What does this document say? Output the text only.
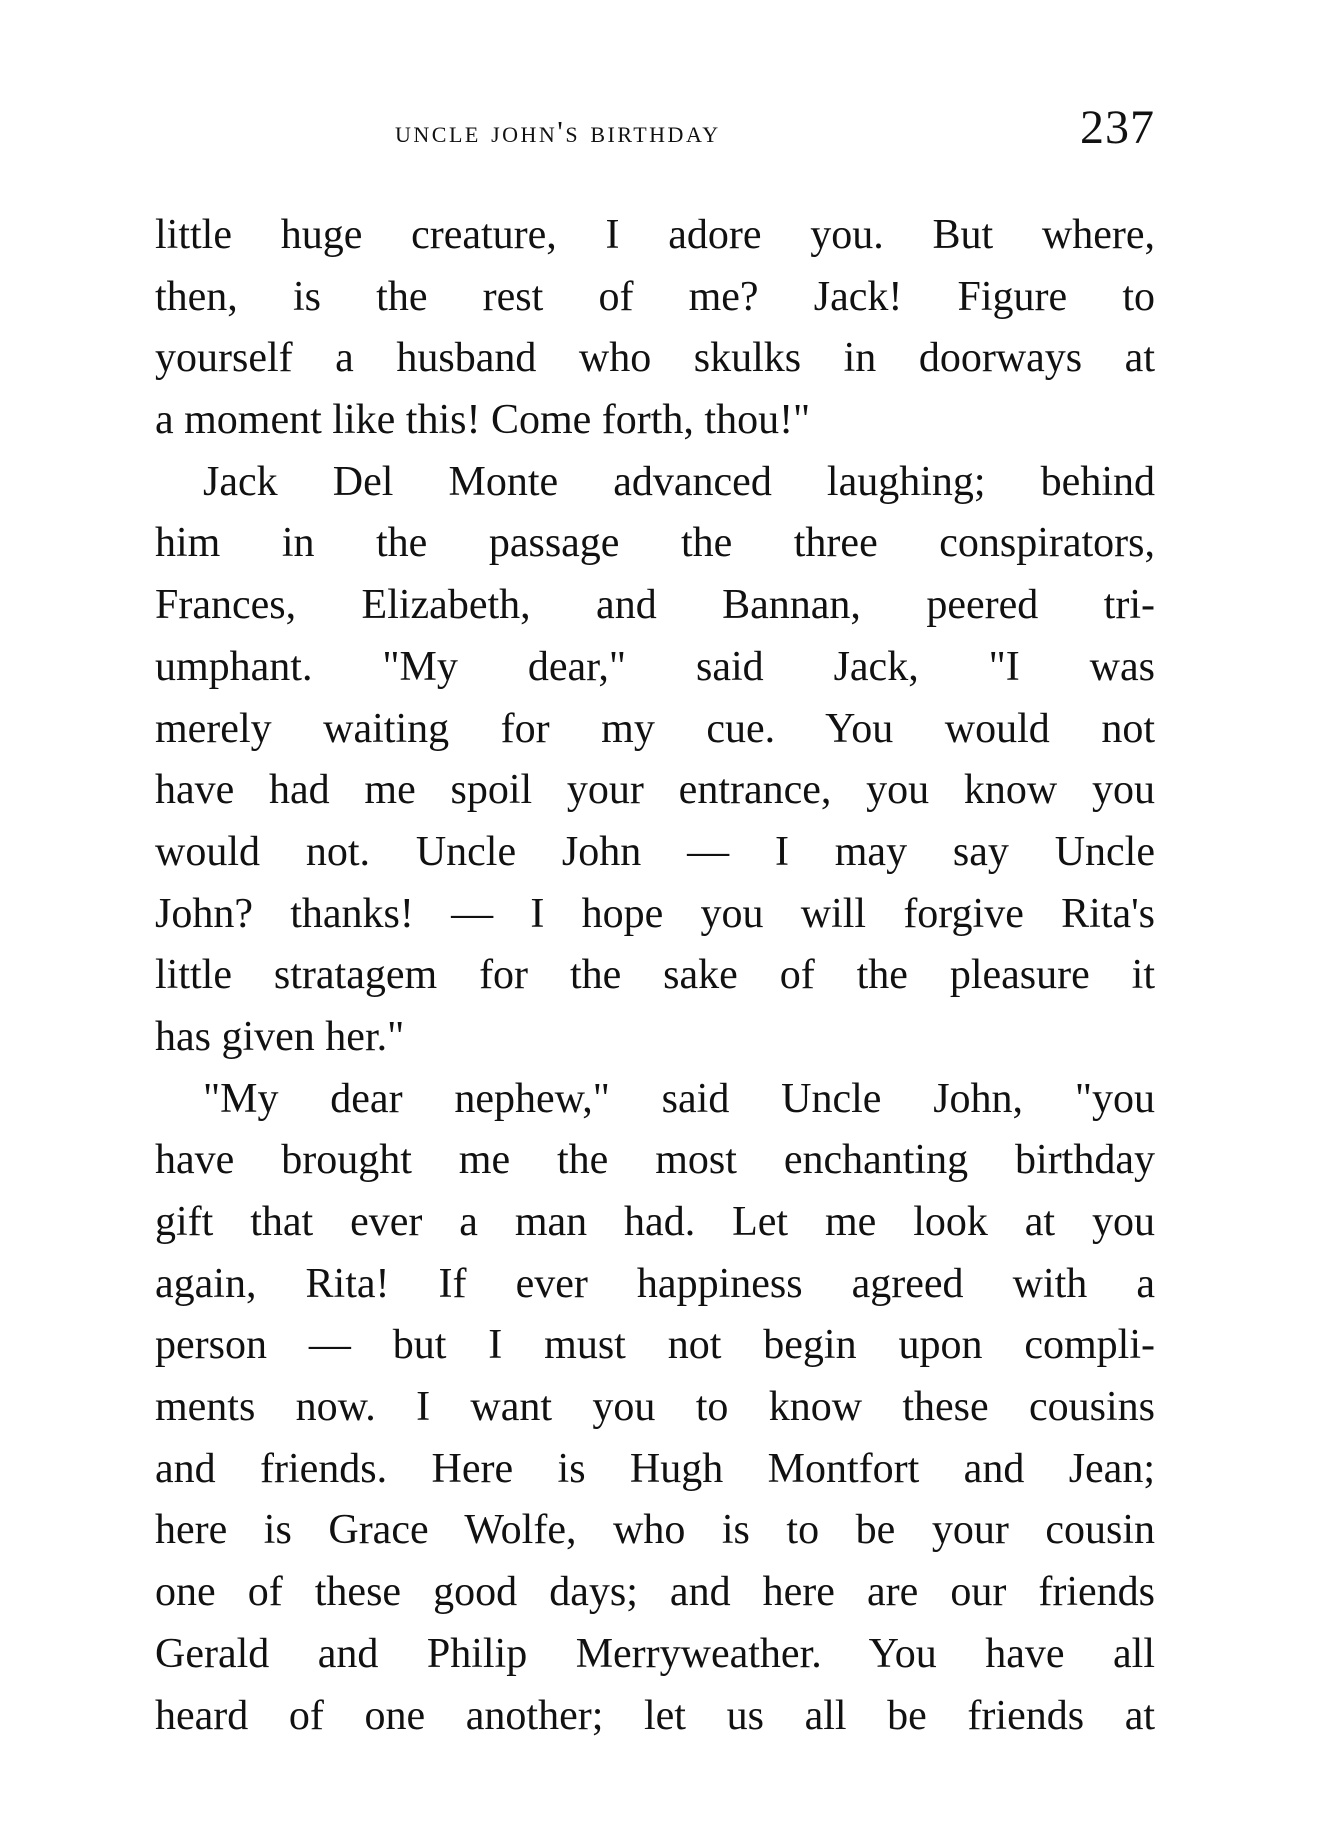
uncle john's birthday	237
little huge creature, I adore you. But where,
then, is the rest of me? Jack! Figure to
yourself a husband who skulks in doorways at
a moment like this! Come forth, thou!"
Jack Del Monte advanced laughing; behind
him in the passage the three conspirators,
Frances, Elizabeth, and Bannan, peered tri-
umphant. "My dear," said Jack, "I was
merely waiting for my cue. You would not
have had me spoil your entrance, you know you
would not. Uncle John — I may say Uncle
John? thanks! — I hope you will forgive Rita's
little stratagem for the sake of the pleasure it
has given her."
"My dear nephew," said Uncle John, "you
have brought me the most enchanting birthday
gift that ever a man had. Let me look at you
again, Rita! If ever happiness agreed with a
person — but I must not begin upon compli-
ments now. I want you to know these cousins
and friends. Here is Hugh Montfort and Jean;
here is Grace Wolfe, who is to be your cousin
one of these good days; and here are our friends
Gerald and Philip Merryweather. You have all
heard of one another; let us all be friends at
